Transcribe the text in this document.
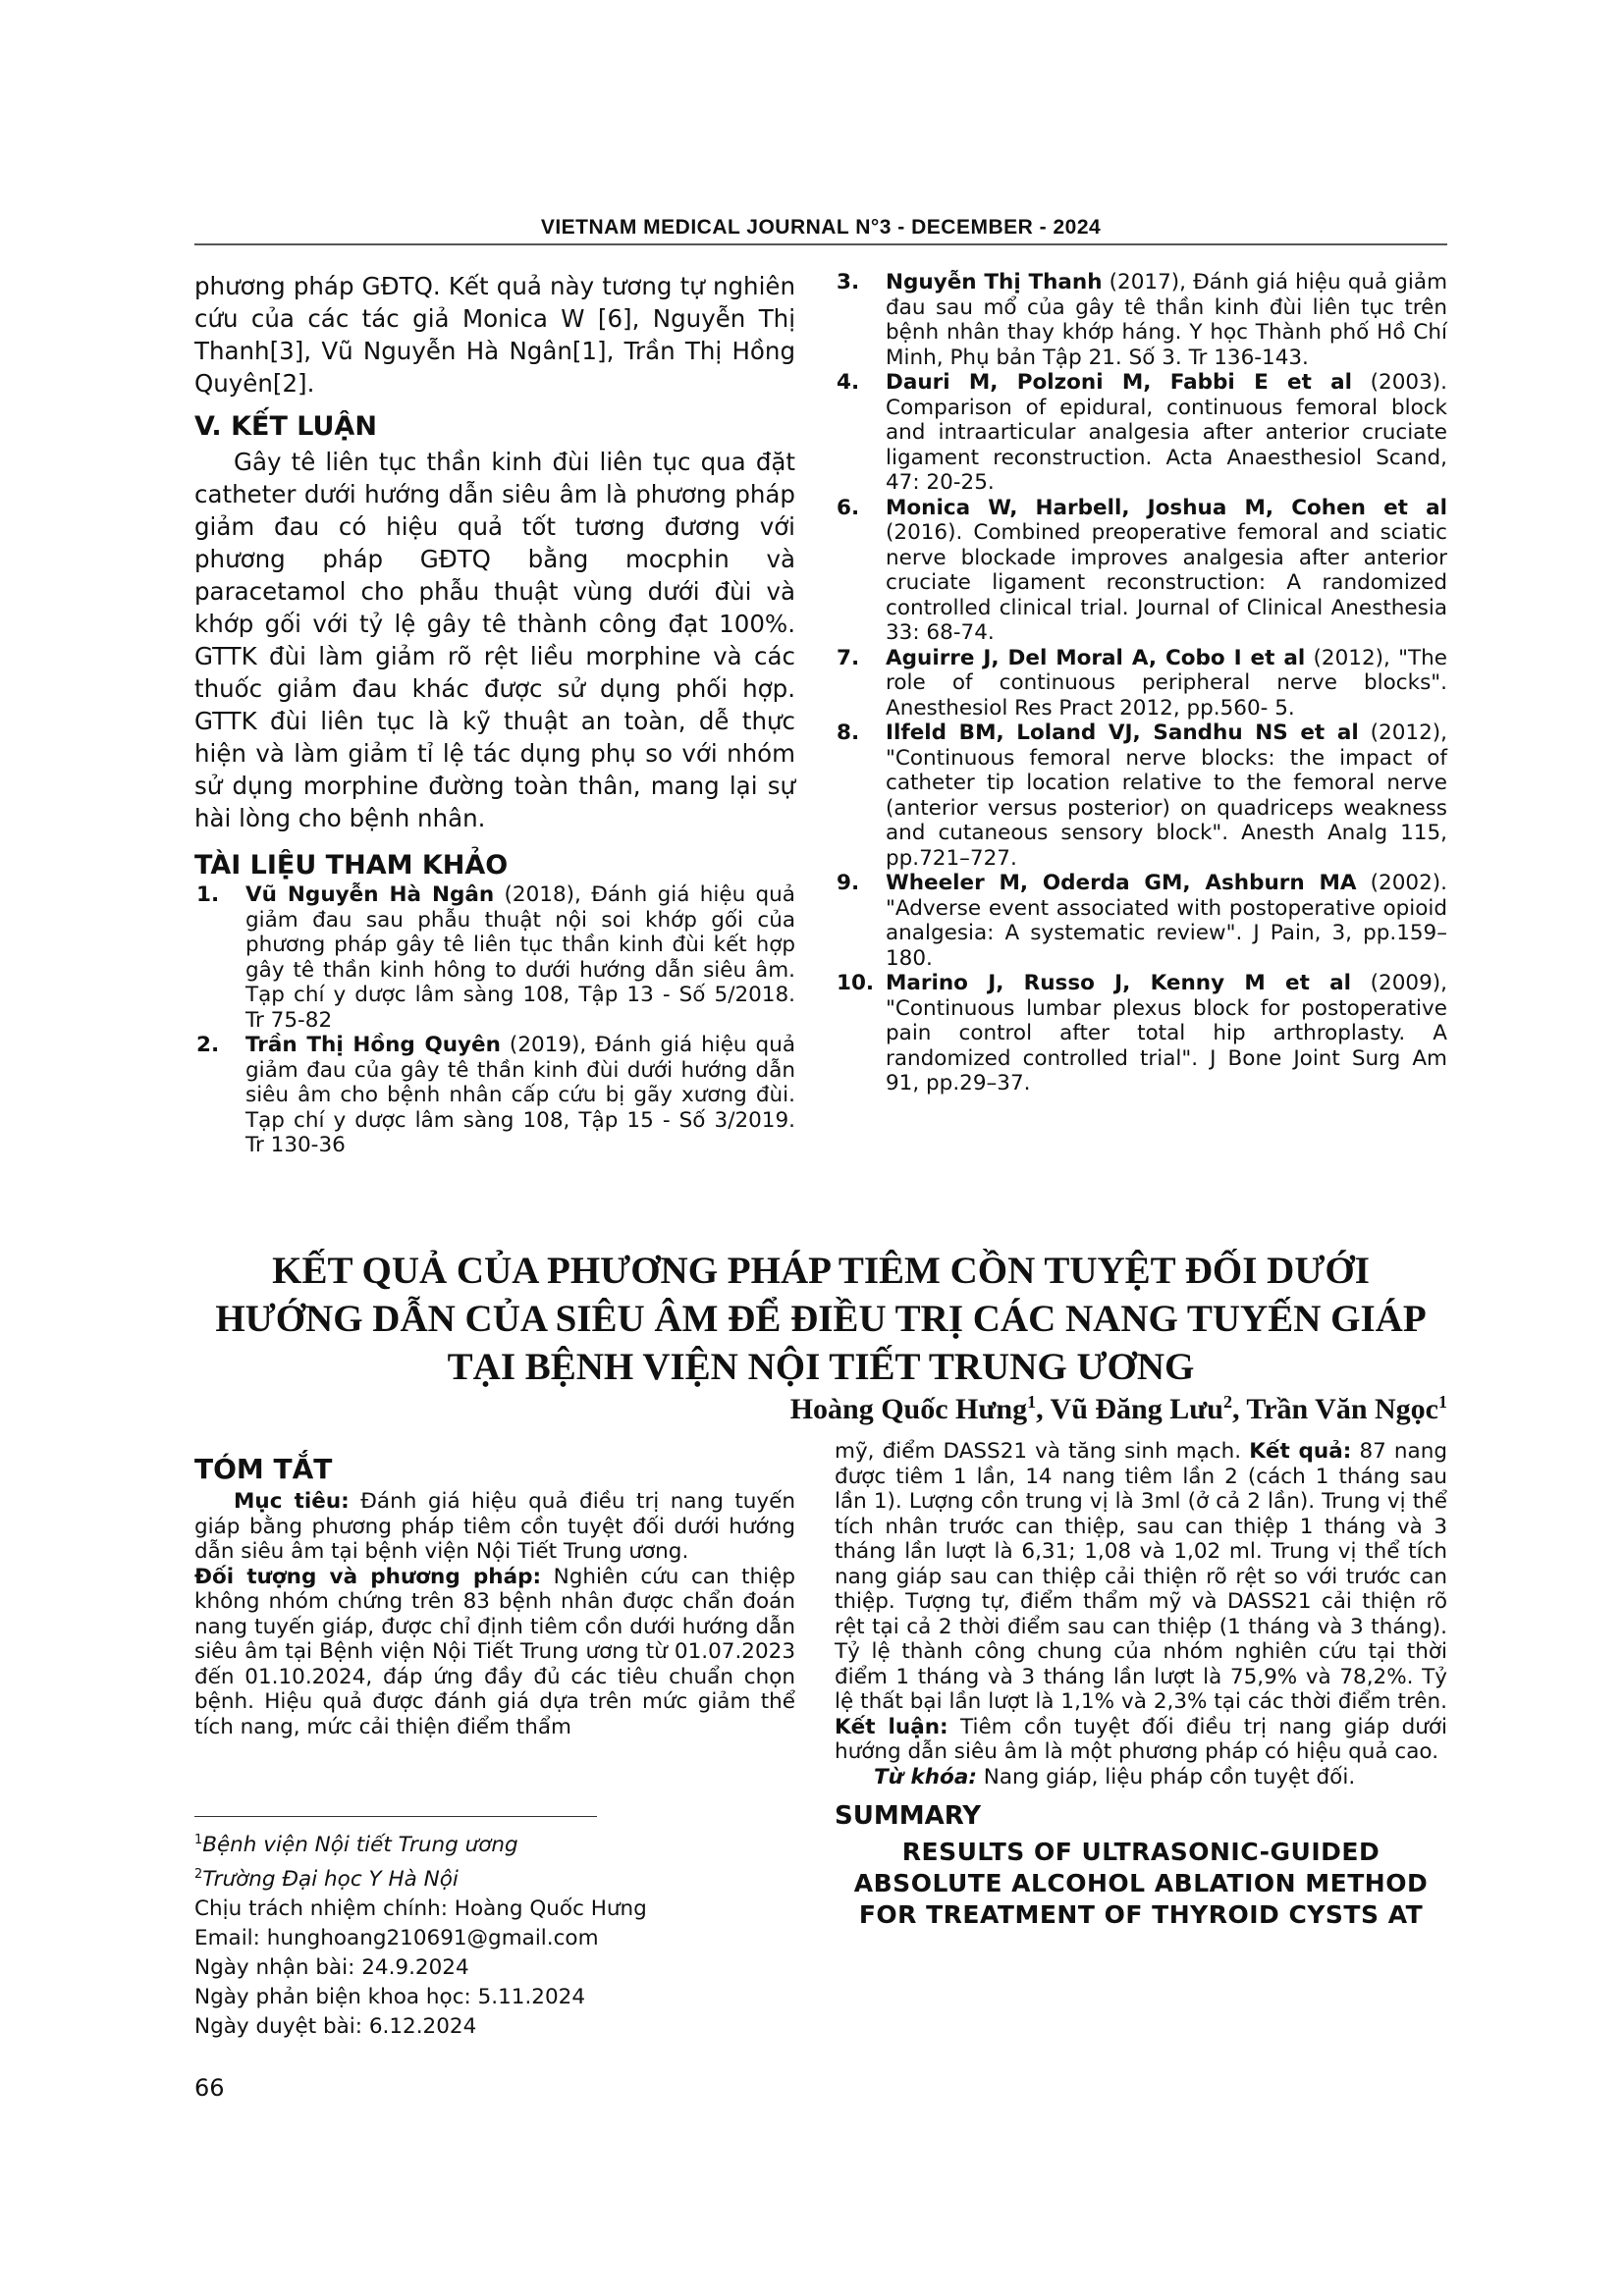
VIETNAM MEDICAL JOURNAL N°3 - DECEMBER - 2024

phương pháp GĐTQ. Kết quả này tương tự nghiên cứu của các tác giả Monica W [6], Nguyễn Thị Thanh[3], Vũ Nguyễn Hà Ngân[1], Trần Thị Hồng Quyên[2].

V. KẾT LUẬN

Gây tê liên tục thần kinh đùi liên tục qua đặt catheter dưới hướng dẫn siêu âm là phương pháp giảm đau có hiệu quả tốt tương đương với phương pháp GĐTQ bằng mocphin và paracetamol cho phẫu thuật vùng dưới đùi và khớp gối với tỷ lệ gây tê thành công đạt 100%. GTTK đùi làm giảm rõ rệt liều morphine và các thuốc giảm đau khác được sử dụng phối hợp. GTTK đùi liên tục là kỹ thuật an toàn, dễ thực hiện và làm giảm tỉ lệ tác dụng phụ so với nhóm sử dụng morphine đường toàn thân, mang lại sự hài lòng cho bệnh nhân.

TÀI LIỆU THAM KHẢO

1. Vũ Nguyễn Hà Ngân (2018), Đánh giá hiệu quả giảm đau sau phẫu thuật nội soi khớp gối của phương pháp gây tê liên tục thần kinh đùi kết hợp gây tê thần kinh hông to dưới hướng dẫn siêu âm. Tạp chí y dược lâm sàng 108, Tập 13 - Số 5/2018. Tr 75-82
2. Trần Thị Hồng Quyên (2019), Đánh giá hiệu quả giảm đau của gây tê thần kinh đùi dưới hướng dẫn siêu âm cho bệnh nhân cấp cứu bị gãy xương đùi. Tạp chí y dược lâm sàng 108, Tập 15 - Số 3/2019. Tr 130-36
3. Nguyễn Thị Thanh (2017), Đánh giá hiệu quả giảm đau sau mổ của gây tê thần kinh đùi liên tục trên bệnh nhân thay khớp háng. Y học Thành phố Hồ Chí Minh, Phụ bản Tập 21. Số 3. Tr 136-143.
4. Dauri M, Polzoni M, Fabbi E et al (2003). Comparison of epidural, continuous femoral block and intraarticular analgesia after anterior cruciate ligament reconstruction. Acta Anaesthesiol Scand, 47: 20-25.
6. Monica W, Harbell, Joshua M, Cohen et al (2016). Combined preoperative femoral and sciatic nerve blockade improves analgesia after anterior cruciate ligament reconstruction: A randomized controlled clinical trial. Journal of Clinical Anesthesia 33: 68-74.
7. Aguirre J, Del Moral A, Cobo I et al (2012), "The role of continuous peripheral nerve blocks". Anesthesiol Res Pract 2012, pp.560- 5.
8. Ilfeld BM, Loland VJ, Sandhu NS et al (2012), "Continuous femoral nerve blocks: the impact of catheter tip location relative to the femoral nerve (anterior versus posterior) on quadriceps weakness and cutaneous sensory block". Anesth Analg 115, pp.721–727.
9. Wheeler M, Oderda GM, Ashburn MA (2002). "Adverse event associated with postoperative opioid analgesia: A systematic review". J Pain, 3, pp.159–180.
10. Marino J, Russo J, Kenny M et al (2009), "Continuous lumbar plexus block for postoperative pain control after total hip arthroplasty. A randomized controlled trial". J Bone Joint Surg Am 91, pp.29–37.
KẾT QUẢ CỦA PHƯƠNG PHÁP TIÊM CỒN TUYỆT ĐỐI DƯỚI
HƯỚNG DẪN CỦA SIÊU ÂM ĐỂ ĐIỀU TRỊ CÁC NANG TUYẾN GIÁP
TẠI BỆNH VIỆN NỘI TIẾT TRUNG ƯƠNG
Hoàng Quốc Hưng$^1$, Vũ Đăng Lưu$^2$, Trần Văn Ngọc$^1$

TÓM TẮT

Mục tiêu: Đánh giá hiệu quả điều trị nang tuyến giáp bằng phương pháp tiêm cồn tuyệt đối dưới hướng dẫn siêu âm tại bệnh viện Nội Tiết Trung ương.

Đối tượng và phương pháp: Nghiên cứu can thiệp không nhóm chứng trên 83 bệnh nhân được chẩn đoán nang tuyến giáp, được chỉ định tiêm cồn dưới hướng dẫn siêu âm tại Bệnh viện Nội Tiết Trung ương từ 01.07.2023 đến 01.10.2024, đáp ứng đầy đủ các tiêu chuẩn chọn bệnh. Hiệu quả được đánh giá dựa trên mức giảm thể tích nang, mức cải thiện điểm thẩm

$^1$Bệnh viện Nội tiết Trung ương
$^2$Trường Đại học Y Hà Nội
Chịu trách nhiệm chính: Hoàng Quốc Hưng
Email: hunghoang210691@gmail.com
Ngày nhận bài: 24.9.2024
Ngày phản biện khoa học: 5.11.2024
Ngày duyệt bài: 6.12.2024

mỹ, điểm DASS21 và tăng sinh mạch. Kết quả: 87 nang được tiêm 1 lần, 14 nang tiêm lần 2 (cách 1 tháng sau lần 1). Lượng cồn trung vị là 3ml (ở cả 2 lần). Trung vị thể tích nhân trước can thiệp, sau can thiệp 1 tháng và 3 tháng lần lượt là 6,31; 1,08 và 1,02 ml. Trung vị thể tích nang giáp sau can thiệp cải thiện rõ rệt so với trước can thiệp. Tượng tự, điểm thẩm mỹ và DASS21 cải thiện rõ rệt tại cả 2 thời điểm sau can thiệp (1 tháng và 3 tháng). Tỷ lệ thành công chung của nhóm nghiên cứu tại thời điểm 1 tháng và 3 tháng lần lượt là 75,9% và 78,2%. Tỷ lệ thất bại lần lượt là 1,1% và 2,3% tại các thời điểm trên. Kết luận: Tiêm cồn tuyệt đối điều trị nang giáp dưới hướng dẫn siêu âm là một phương pháp có hiệu quả cao.

Từ khóa: Nang giáp, liệu pháp cồn tuyệt đối.

SUMMARY

RESULTS OF ULTRASONIC-GUIDED
ABSOLUTE ALCOHOL ABLATION METHOD
FOR TREATMENT OF THYROID CYSTS AT
66
